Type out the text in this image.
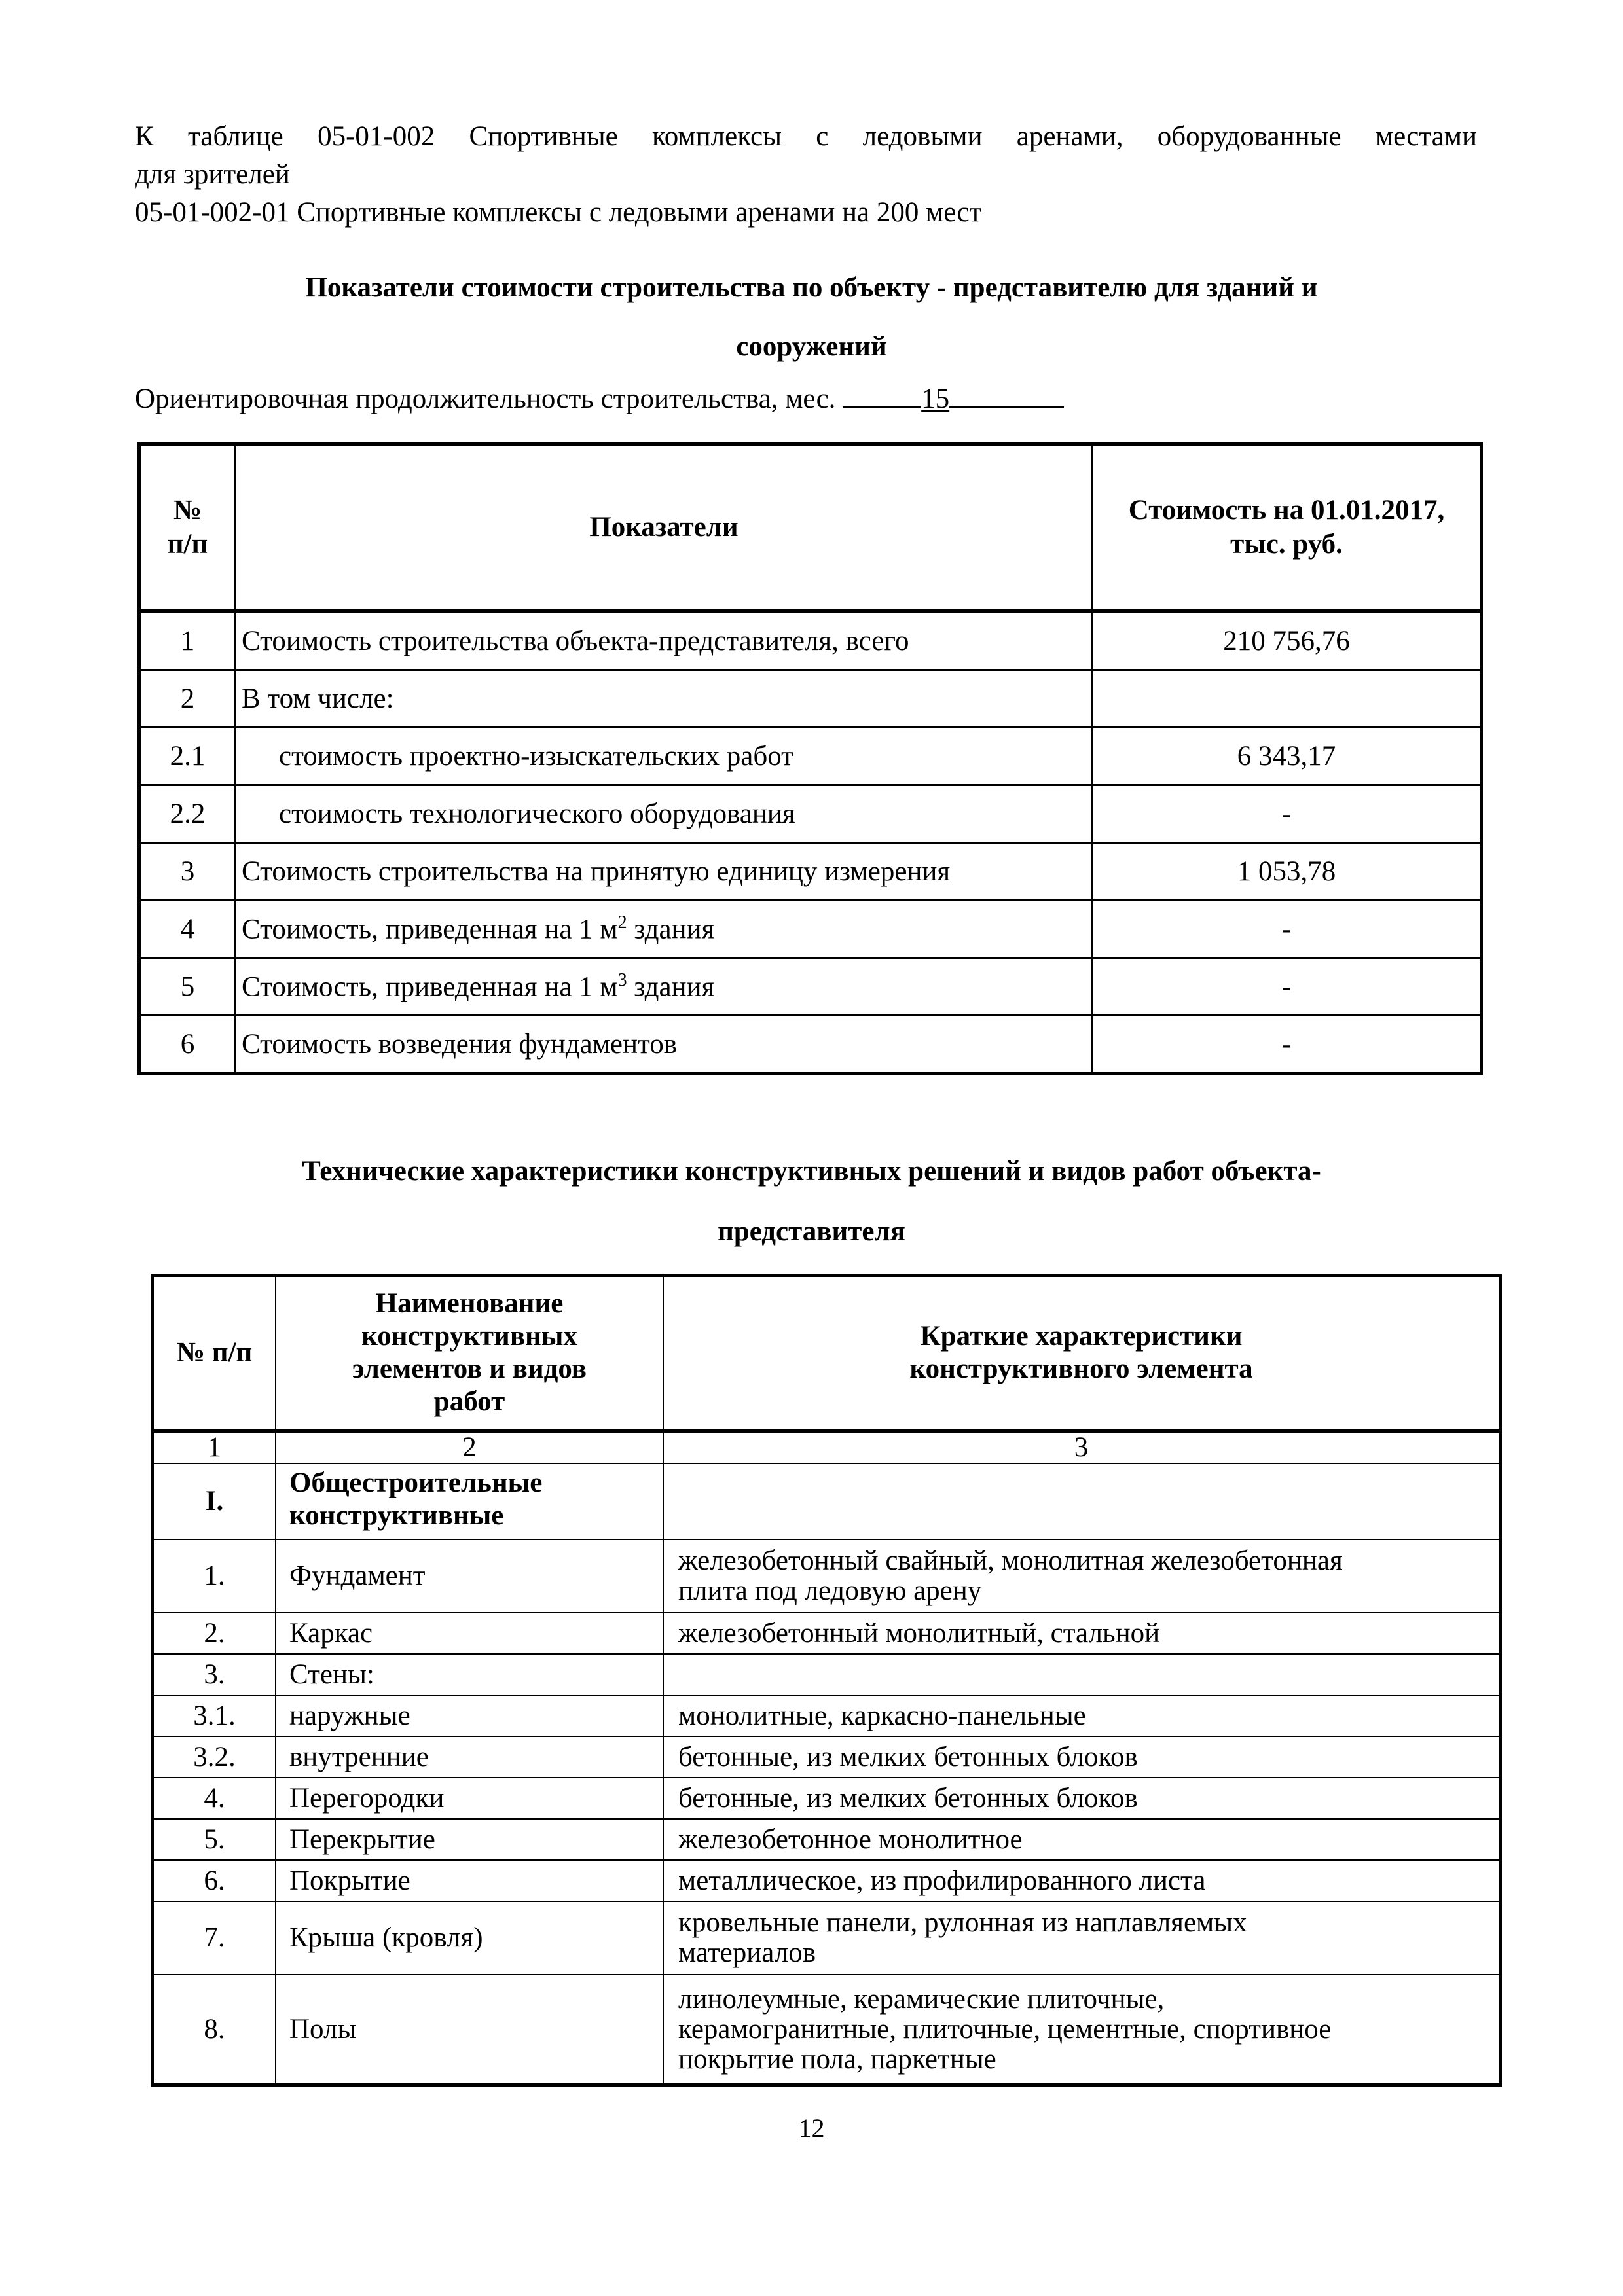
К таблице 05-01-002 Спортивные комплексы с ледовыми аренами, оборудованные местами
для зрителей
05-01-002-01 Спортивные комплексы с ледовыми аренами на 200 мест
Показатели стоимости строительства по объекту - представителю для зданий и
сооружений
Ориентировочная продолжительность строительства, мес.	15
№
п/п	Показатели	Стоимость на 01.01.2017,
тыс. руб.
1	Стоимость строительства объекта-представителя, всего	210 756,76
2	В том числе:	
2.1	стоимость проектно-изыскательских работ	6 343,17
2.2	стоимость технологического оборудования	-
3	Стоимость строительства на принятую единицу измерения	1 053,78
4	Стоимость, приведенная на 1 $м^2$ здания	-
5	Стоимость, приведенная на 1 $м^3$ здания	-
6	Стоимость возведения фундаментов	-
Технические характеристики конструктивных решений и видов работ объекта-
представителя
№ п/п	Наименование
конструктивных
элементов и видов
работ	Краткие характеристики
конструктивного элемента
1	2	3
I.	Общестроительные
конструктивные	
1.	Фундамент	железобетонный свайный, монолитная железобетонная
плита под ледовую арену
2.	Каркас	железобетонный монолитный, стальной
3.	Стены:	
3.1.	наружные	монолитные, каркасно-панельные
3.2.	внутренние	бетонные, из мелких бетонных блоков
4.	Перегородки	бетонные, из мелких бетонных блоков
5.	Перекрытие	железобетонное монолитное
6.	Покрытие	металлическое, из профилированного листа
7.	Крыша (кровля)	кровельные панели, рулонная из наплавляемых
материалов
8.	Полы	линолеумные, керамические плиточные,
керамогранитные, плиточные, цементные, спортивное
покрытие пола, паркетные
12
